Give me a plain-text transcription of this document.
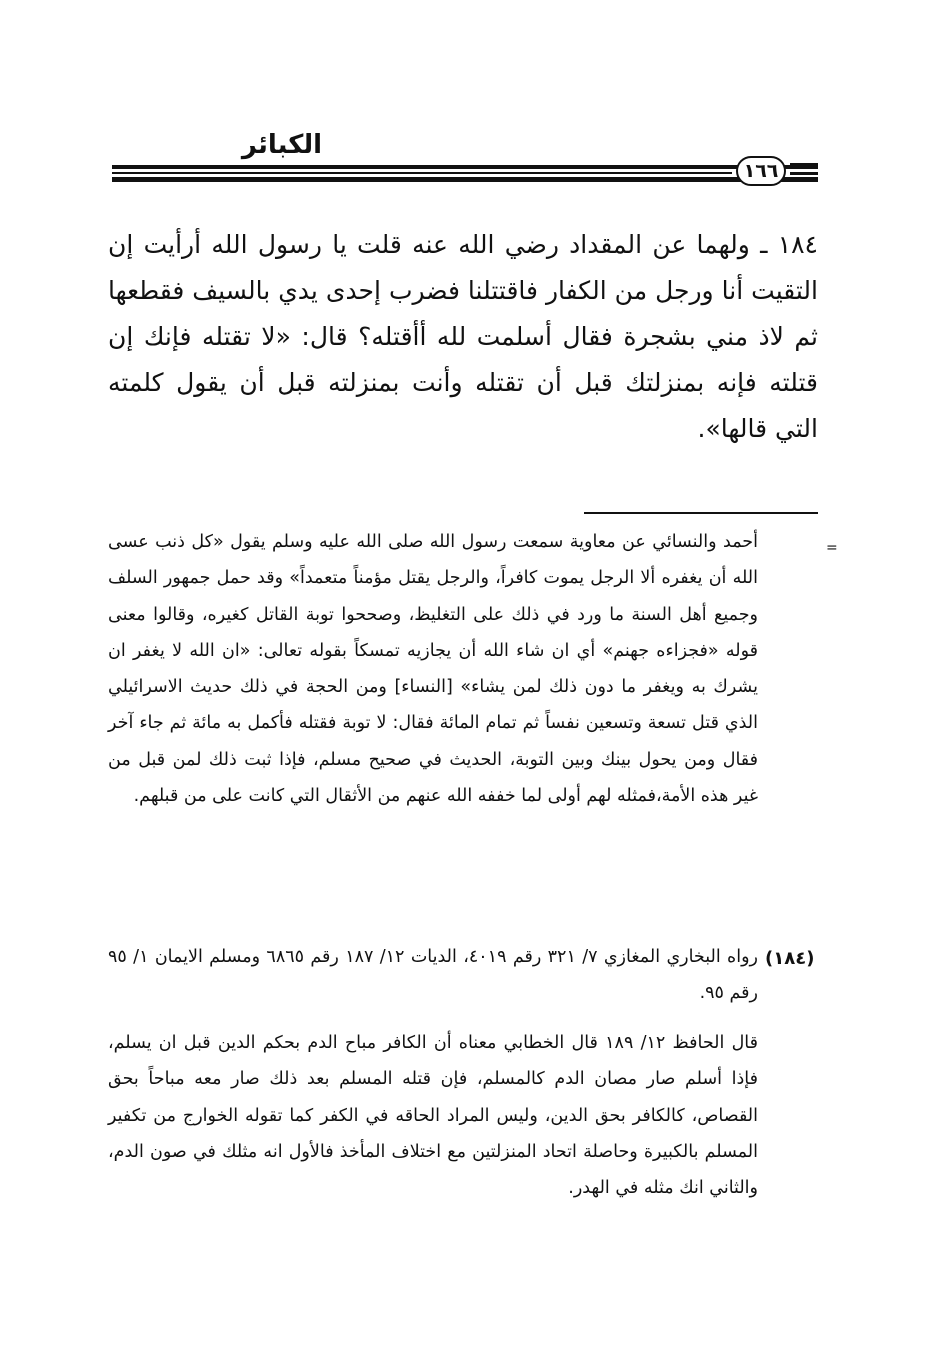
الكبائر
١٦٦

١٨٤ ـ ولهما عن المقداد رضي الله عنه قلت يا رسول الله أرأيت إن التقيت أنا ورجل من الكفار فاقتتلنا فضرب إحدى يدي بالسيف فقطعها ثم لاذ مني بشجرة فقال أسلمت لله أأقتله؟ قال: «لا تقتله فإنك إن قتلته فإنه بمنزلتك قبل أن تقتله وأنت بمنزلته قبل أن يقول كلمته التي قالها».

=

أحمد والنسائي عن معاوية سمعت رسول الله صلى الله عليه وسلم يقول «كل ذنب عسى الله أن يغفره ألا الرجل يموت كافراً، والرجل يقتل مؤمناً متعمداً» وقد حمل جمهور السلف وجميع أهل السنة ما ورد في ذلك على التغليظ، وصححوا توبة القاتل كغيره، وقالوا معنى قوله «فجزاءه جهنم» أي ان شاء الله أن يجازيه تمسكاً بقوله تعالى: «ان الله لا يغفر ان يشرك به ويغفر ما دون ذلك لمن يشاء» [النساء] ومن الحجة في ذلك حديث الاسرائيلي الذي قتل تسعة وتسعين نفساً ثم تمام المائة فقال: لا توبة فقتله فأكمل به مائة ثم جاء آخر فقال ومن يحول بينك وبين التوبة، الحديث في صحيح مسلم، فإذا ثبت ذلك لمن قبل من غير هذه الأمة،فمثله لهم أولى لما خففه الله عنهم من الأثقال التي كانت على من قبلهم.

(١٨٤)

رواه البخاري المغازي ٧/ ٣٢١ رقم ٤٠١٩، الديات ١٢/ ١٨٧ رقم ٦٨٦٥ ومسلم الايمان ١/ ٩٥ رقم ٩٥.

قال الحافظ ١٢/ ١٨٩ قال الخطابي معناه أن الكافر مباح الدم بحكم الدين قبل ان يسلم، فإذا أسلم صار مصان الدم كالمسلم، فإن قتله المسلم بعد ذلك صار معه مباحاً بحق القصاص، كالكافر بحق الدين، وليس المراد الحاقه في الكفر كما تقوله الخوارج من تكفير المسلم بالكبيرة وحاصلة اتحاد المنزلتين مع اختلاف المأخذ فالأول انه مثلك في صون الدم، والثاني انك مثله في الهدر.
